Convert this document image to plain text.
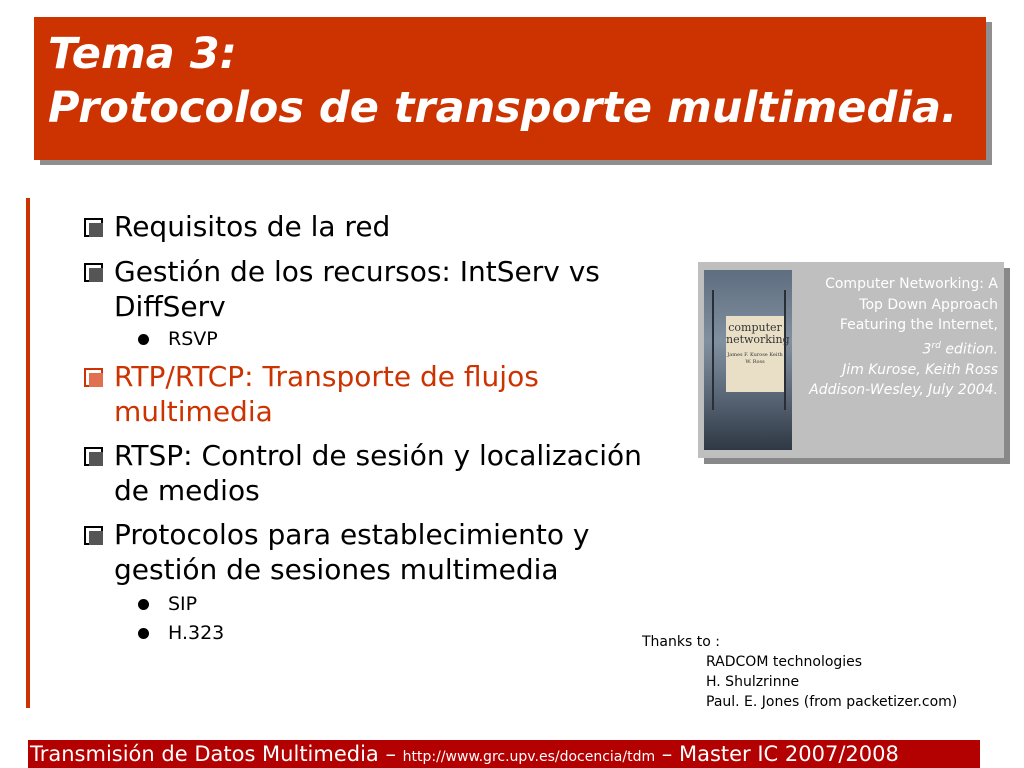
Tema 3:
Protocolos de transporte multimedia.
Requisitos de la red
Gestión de los recursos: IntServ vs
DiffServ
RSVP
RTP/RTCP: Transporte de flujos
multimedia
RTSP: Control de sesión y localización
de medios
Protocolos para establecimiento y
gestión de sesiones multimedia
SIP
H.323
computer
networking
James F. Kurose Keith W. Ross
Computer Networking: A
Top Down Approach
Featuring the Internet,
3rd edition.
Jim Kurose, Keith Ross
Addison-Wesley, July 2004.
Thanks to :
RADCOM technologies
H. Shulzrinne
Paul. E. Jones (from packetizer.com)
Transmisión de Datos Multimedia – http://www.grc.upv.es/docencia/tdm – Master IC 2007/2008
